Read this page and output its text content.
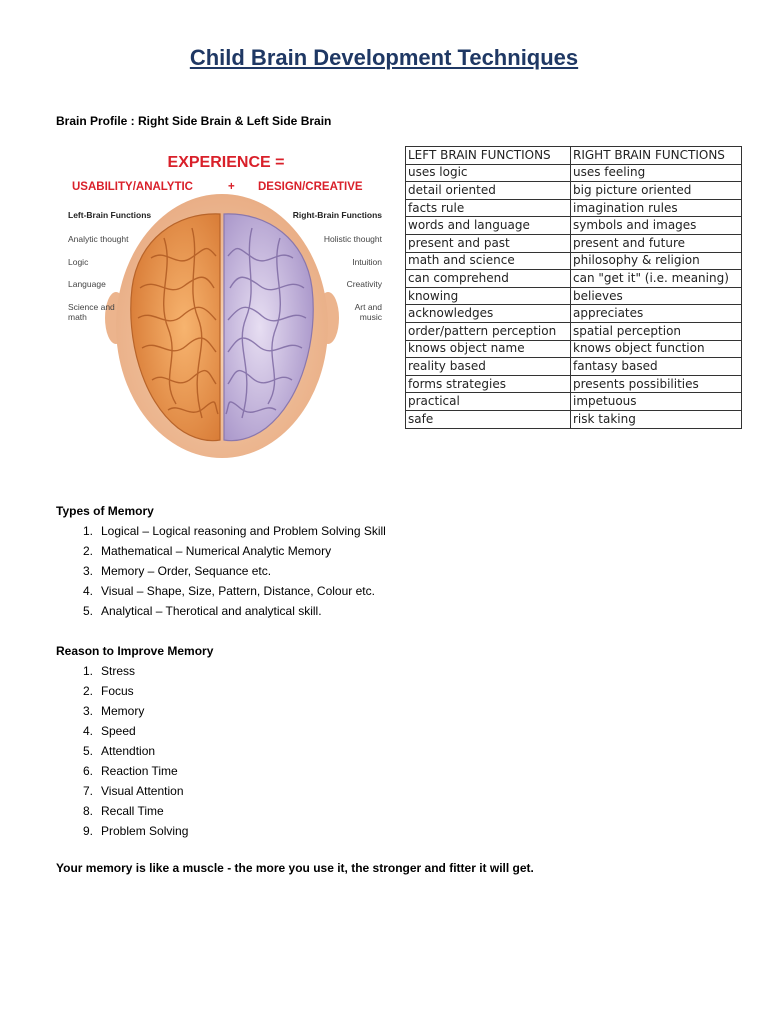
Child Brain Development Techniques
Brain Profile : Right Side Brain & Left Side Brain
EXPERIENCE =
USABILITY/ANALYTIC	+ DESIGN/CREATIVE
Left-Brain Functions	Right-Brain Functions
Analytic thought
Logic
Language
Science and
math
Holistic thought
Intuition
Creativity
Art and
music
LEFT BRAIN FUNCTIONS	RIGHT BRAIN FUNCTIONS
uses logic	uses feeling
detail oriented	big picture oriented
facts rule	imagination rules
words and language	symbols and images
present and past	present and future
math and science	philosophy & religion
can comprehend	can "get it" (i.e. meaning)
knowing	believes
acknowledges	appreciates
order/pattern perception	spatial perception
knows object name	knows object function
reality based	fantasy based
forms strategies	presents possibilities
practical	impetuous
safe	risk taking
Types of Memory
1. Logical – Logical reasoning and Problem Solving Skill
2. Mathematical – Numerical Analytic Memory
3. Memory – Order, Sequance etc.
4. Visual – Shape, Size, Pattern, Distance, Colour etc.
5. Analytical – Therotical and analytical skill.
Reason to Improve Memory
1. Stress
2. Focus
3. Memory
4. Speed
5. Attendtion
6. Reaction Time
7. Visual Attention
8. Recall Time
9. Problem Solving
Your memory is like a muscle - the more you use it, the stronger and fitter it will get.
